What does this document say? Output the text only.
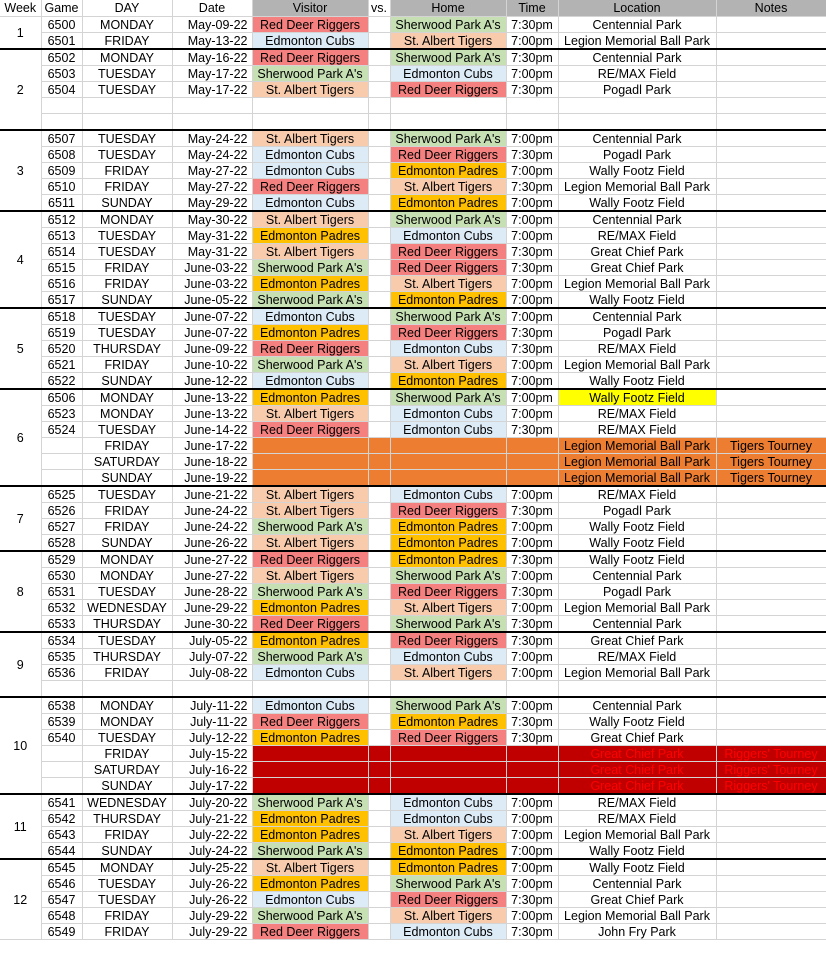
Week	Game	DAY	Date	Visitor	vs.	Home	Time	Location	Notes
1	6500	MONDAY	May-09-22	Red Deer Riggers		Sherwood Park A's	7:30pm	Centennial Park	
	6501	FRIDAY	May-13-22	Edmonton Cubs		St. Albert Tigers	7:00pm	Legion Memorial Ball Park	
2	6502	MONDAY	May-16-22	Red Deer Riggers		Sherwood Park A's	7:30pm	Centennial Park	
	6503	TUESDAY	May-17-22	Sherwood Park A's		Edmonton Cubs	7:00pm	RE/MAX Field	
	6504	TUESDAY	May-17-22	St. Albert Tigers		Red Deer Riggers	7:30pm	Pogadl Park	

3	6507	TUESDAY	May-24-22	St. Albert Tigers		Sherwood Park A's	7:00pm	Centennial Park	
	6508	TUESDAY	May-24-22	Edmonton Cubs		Red Deer Riggers	7:30pm	Pogadl Park	
	6509	FRIDAY	May-27-22	Edmonton Cubs		Edmonton Padres	7:00pm	Wally Footz Field	
	6510	FRIDAY	May-27-22	Red Deer Riggers		St. Albert Tigers	7:30pm	Legion Memorial Ball Park	
	6511	SUNDAY	May-29-22	Edmonton Cubs		Edmonton Padres	7:00pm	Wally Footz Field	
4	6512	MONDAY	May-30-22	St. Albert Tigers		Sherwood Park A's	7:00pm	Centennial Park	
	6513	TUESDAY	May-31-22	Edmonton Padres		Edmonton Cubs	7:00pm	RE/MAX Field	
	6514	TUESDAY	May-31-22	St. Albert Tigers		Red Deer Riggers	7:30pm	Great Chief Park	
	6515	FRIDAY	June-03-22	Sherwood Park A's		Red Deer Riggers	7:30pm	Great Chief Park	
	6516	FRIDAY	June-03-22	Edmonton Padres		St. Albert Tigers	7:00pm	Legion Memorial Ball Park	
	6517	SUNDAY	June-05-22	Sherwood Park A's		Edmonton Padres	7:00pm	Wally Footz Field	
5	6518	TUESDAY	June-07-22	Edmonton Cubs		Sherwood Park A's	7:00pm	Centennial Park	
	6519	TUESDAY	June-07-22	Edmonton Padres		Red Deer Riggers	7:30pm	Pogadl Park	
	6520	THURSDAY	June-09-22	Red Deer Riggers		Edmonton Cubs	7:30pm	RE/MAX Field	
	6521	FRIDAY	June-10-22	Sherwood Park A's		St. Albert Tigers	7:00pm	Legion Memorial Ball Park	
	6522	SUNDAY	June-12-22	Edmonton Cubs		Edmonton Padres	7:00pm	Wally Footz Field	
6	6506	MONDAY	June-13-22	Edmonton Padres		Sherwood Park A's	7:00pm	Wally Footz Field	
	6523	MONDAY	June-13-22	St. Albert Tigers		Edmonton Cubs	7:00pm	RE/MAX Field	
	6524	TUESDAY	June-14-22	Red Deer Riggers		Edmonton Cubs	7:30pm	RE/MAX Field	
		FRIDAY	June-17-22					Legion Memorial Ball Park	Tigers Tourney
		SATURDAY	June-18-22					Legion Memorial Ball Park	Tigers Tourney
		SUNDAY	June-19-22					Legion Memorial Ball Park	Tigers Tourney
7	6525	TUESDAY	June-21-22	St. Albert Tigers		Edmonton Cubs	7:00pm	RE/MAX Field	
	6526	FRIDAY	June-24-22	St. Albert Tigers		Red Deer Riggers	7:30pm	Pogadl Park	
	6527	FRIDAY	June-24-22	Sherwood Park A's		Edmonton Padres	7:00pm	Wally Footz Field	
	6528	SUNDAY	June-26-22	St. Albert Tigers		Edmonton Padres	7:00pm	Wally Footz Field	
8	6529	MONDAY	June-27-22	Red Deer Riggers		Edmonton Padres	7:30pm	Wally Footz Field	
	6530	MONDAY	June-27-22	St. Albert Tigers		Sherwood Park A's	7:00pm	Centennial Park	
	6531	TUESDAY	June-28-22	Sherwood Park A's		Red Deer Riggers	7:30pm	Pogadl Park	
	6532	WEDNESDAY	June-29-22	Edmonton Padres		St. Albert Tigers	7:00pm	Legion Memorial Ball Park	
	6533	THURSDAY	June-30-22	Red Deer Riggers		Sherwood Park A's	7:30pm	Centennial Park	
9	6534	TUESDAY	July-05-22	Edmonton Padres		Red Deer Riggers	7:30pm	Great Chief Park	
	6535	THURSDAY	July-07-22	Sherwood Park A's		Edmonton Cubs	7:00pm	RE/MAX Field	
	6536	FRIDAY	July-08-22	Edmonton Cubs		St. Albert Tigers	7:00pm	Legion Memorial Ball Park	

10	6538	MONDAY	July-11-22	Edmonton Cubs		Sherwood Park A's	7:00pm	Centennial Park	
	6539	MONDAY	July-11-22	Red Deer Riggers		Edmonton Padres	7:30pm	Wally Footz Field	
	6540	TUESDAY	July-12-22	Edmonton Padres		Red Deer Riggers	7:30pm	Great Chief Park	
		FRIDAY	July-15-22					Great Chief Park	Riggers' Tourney
		SATURDAY	July-16-22					Great Chief Park	Riggers' Tourney
		SUNDAY	July-17-22					Great Chief Park	Riggers' Tourney
11	6541	WEDNESDAY	July-20-22	Sherwood Park A's		Edmonton Cubs	7:00pm	RE/MAX Field	
	6542	THURSDAY	July-21-22	Edmonton Padres		Edmonton Cubs	7:00pm	RE/MAX Field	
	6543	FRIDAY	July-22-22	Edmonton Padres		St. Albert Tigers	7:00pm	Legion Memorial Ball Park	
	6544	SUNDAY	July-24-22	Sherwood Park A's		Edmonton Padres	7:00pm	Wally Footz Field	
12	6545	MONDAY	July-25-22	St. Albert Tigers		Edmonton Padres	7:00pm	Wally Footz Field	
	6546	TUESDAY	July-26-22	Edmonton Padres		Sherwood Park A's	7:00pm	Centennial Park	
	6547	TUESDAY	July-26-22	Edmonton Cubs		Red Deer Riggers	7:30pm	Great Chief Park	
	6548	FRIDAY	July-29-22	Sherwood Park A's		St. Albert Tigers	7:00pm	Legion Memorial Ball Park	
	6549	FRIDAY	July-29-22	Red Deer Riggers		Edmonton Cubs	7:30pm	John Fry Park	
